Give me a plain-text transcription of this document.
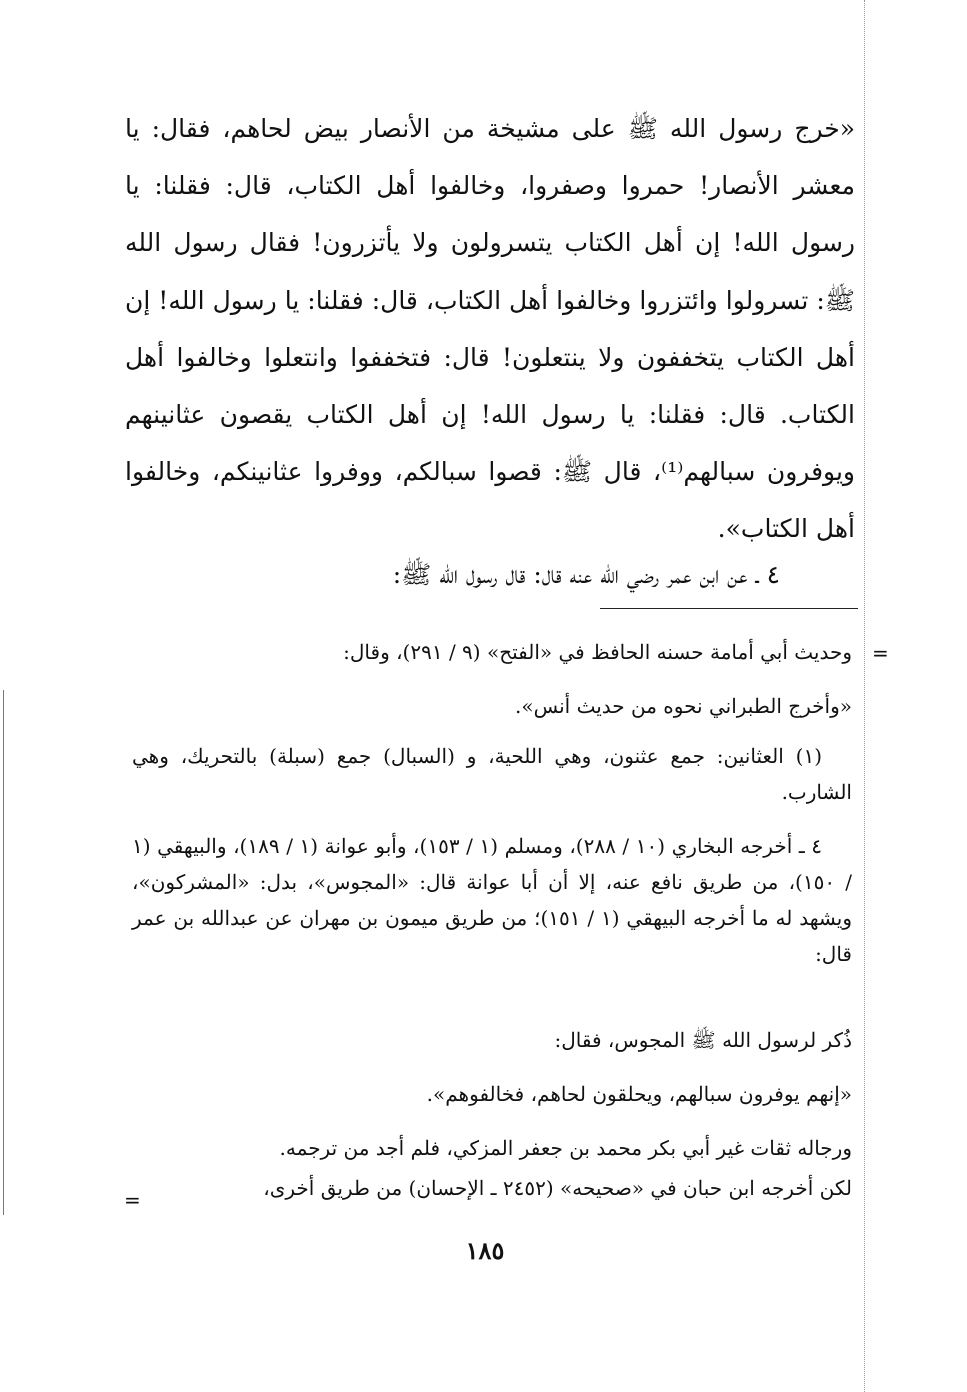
«خرج رسول الله ﷺ على مشيخة من الأنصار بيض لحاهم، فقال: يا معشر الأنصار! حمروا وصفروا، وخالفوا أهل الكتاب، قال: فقلنا: يا رسول الله! إن أهل الكتاب يتسرولون ولا يأتزرون! فقال رسول الله ﷺ: تسرولوا وائتزروا وخالفوا أهل الكتاب، قال: فقلنا: يا رسول الله! إن أهل الكتاب يتخففون ولا ينتعلون! قال: فتخففوا وانتعلوا وخالفوا أهل الكتاب. قال: فقلنا: يا رسول الله! إن أهل الكتاب يقصون عثانينهم ويوفرون سبالهم⁽¹⁾، قال ﷺ: قصوا سبالكم، ووفروا عثانينكم، وخالفوا أهل الكتاب».

٤ ـ عن ابن عمر رضي الله عنه قال: قال رسول الله ﷺ:

=

وحديث أبي أمامة حسنه الحافظ في «الفتح» (٩ / ٢٩١)، وقال:

«وأخرج الطبراني نحوه من حديث أنس».

(١) العثانين: جمع عثنون، وهي اللحية، و (السبال) جمع (سبلة) بالتحريك، وهي الشارب.

٤ ـ أخرجه البخاري (١٠ / ٢٨٨)، ومسلم (١ / ١٥٣)، وأبو عوانة (١ / ١٨٩)، والبيهقي (١ / ١٥٠)، من طريق نافع عنه، إلا أن أبا عوانة قال: «المجوس»، بدل: «المشركون»، ويشهد له ما أخرجه البيهقي (١ / ١٥١)؛ من طريق ميمون بن مهران عن عبدالله بن عمر قال:

ذُكر لرسول الله ﷺ المجوس، فقال:

«إنهم يوفرون سبالهم، ويحلقون لحاهم، فخالفوهم».

ورجاله ثقات غير أبي بكر محمد بن جعفر المزكي، فلم أجد من ترجمه.

لكن أخرجه ابن حبان في «صحيحه» (٢٤٥٢ ـ الإحسان) من طريق أخرى،

=

١٨٥
